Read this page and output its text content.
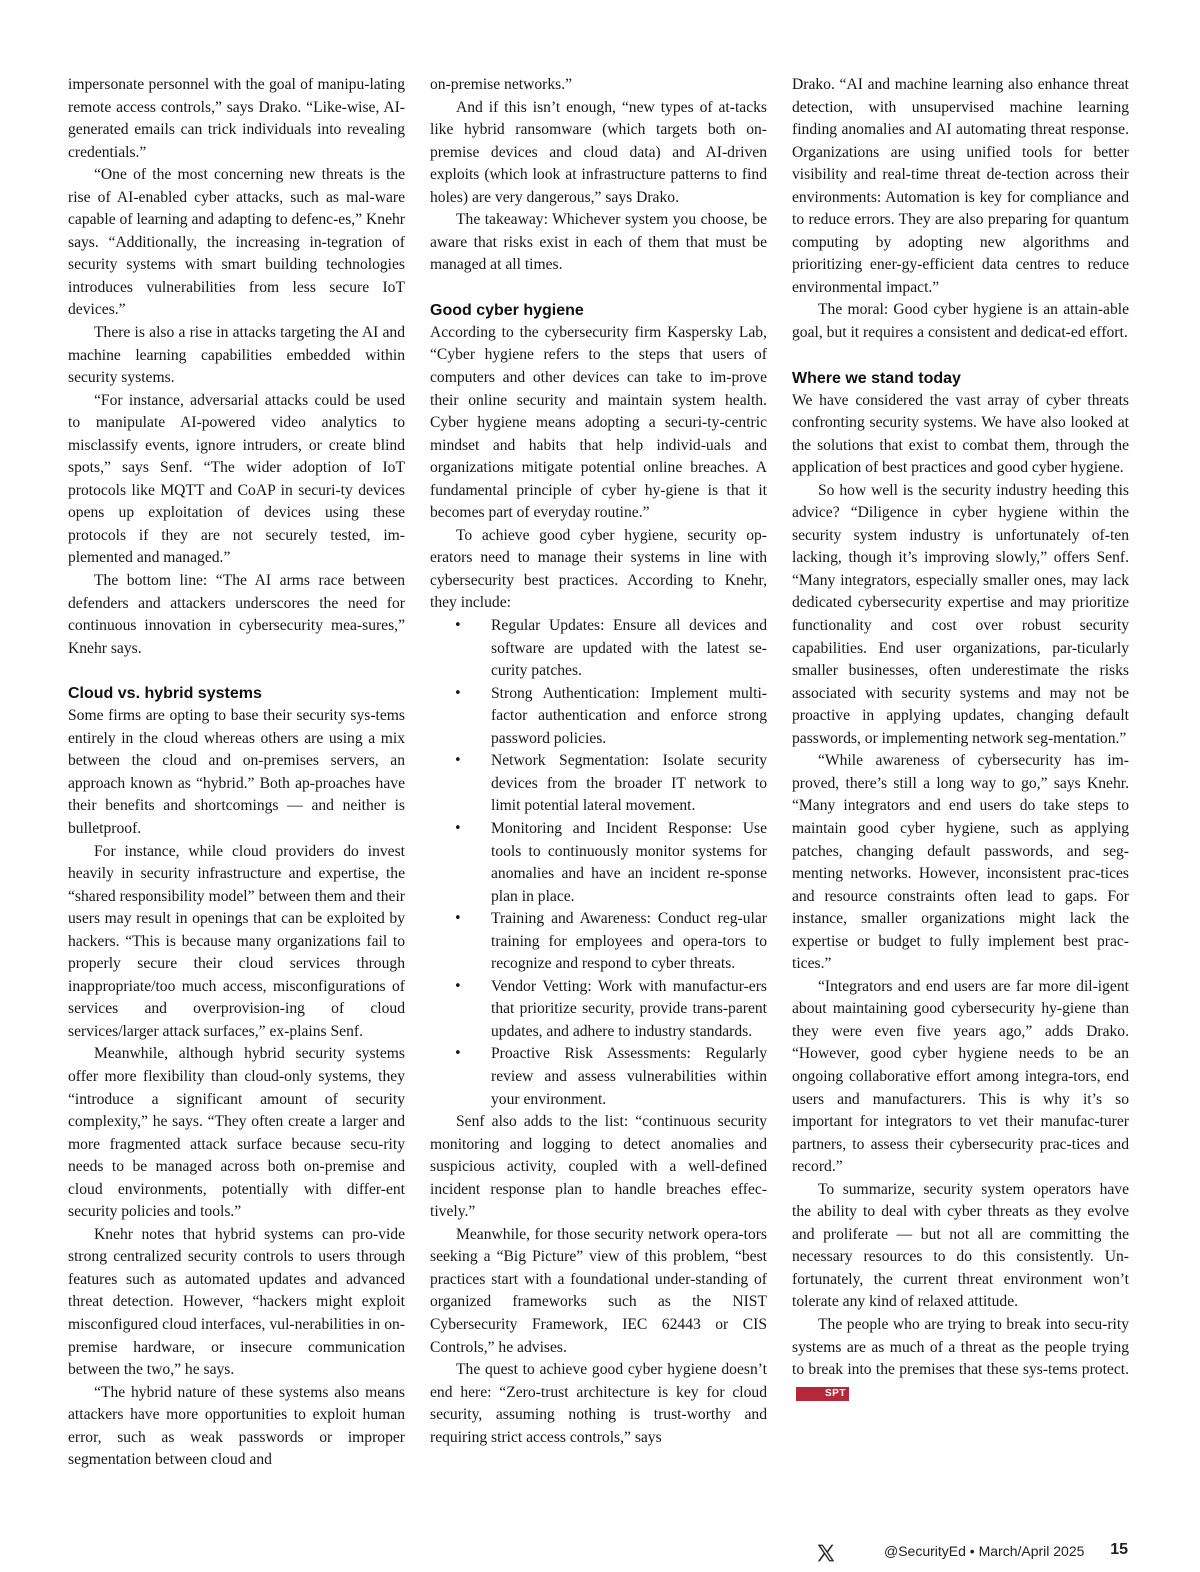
impersonate personnel with the goal of manipu-lating remote access controls,” says Drako. “Like-wise, AI-generated emails can trick individuals into revealing credentials.”

“One of the most concerning new threats is the rise of AI-enabled cyber attacks, such as mal-ware capable of learning and adapting to defenc-es,” Knehr says. “Additionally, the increasing in-tegration of security systems with smart building technologies introduces vulnerabilities from less secure IoT devices.”

There is also a rise in attacks targeting the AI and machine learning capabilities embedded within security systems.

“For instance, adversarial attacks could be used to manipulate AI-powered video analytics to misclassify events, ignore intruders, or create blind spots,” says Senf. “The wider adoption of IoT protocols like MQTT and CoAP in securi-ty devices opens up exploitation of devices using these protocols if they are not securely tested, im-plemented and managed.”

The bottom line: “The AI arms race between defenders and attackers underscores the need for continuous innovation in cybersecurity mea-sures,” Knehr says.

Cloud vs. hybrid systems

Some firms are opting to base their security sys-tems entirely in the cloud whereas others are using a mix between the cloud and on-premises servers, an approach known as “hybrid.” Both ap-proaches have their benefits and shortcomings — and neither is bulletproof.

For instance, while cloud providers do invest heavily in security infrastructure and expertise, the “shared responsibility model” between them and their users may result in openings that can be exploited by hackers. “This is because many organizations fail to properly secure their cloud services through inappropriate/too much access, misconfigurations of services and overprovision-ing of cloud services/larger attack surfaces,” ex-plains Senf.

Meanwhile, although hybrid security systems offer more flexibility than cloud-only systems, they “introduce a significant amount of security complexity,” he says. “They often create a larger and more fragmented attack surface because secu-rity needs to be managed across both on-premise and cloud environments, potentially with differ-ent security policies and tools.”

Knehr notes that hybrid systems can pro-vide strong centralized security controls to users through features such as automated updates and advanced threat detection. However, “hackers might exploit misconfigured cloud interfaces, vul-nerabilities in on-premise hardware, or insecure communication between the two,” he says.

“The hybrid nature of these systems also means attackers have more opportunities to exploit human error, such as weak passwords or improper segmentation between cloud and

on-premise networks.”

And if this isn’t enough, “new types of at-tacks like hybrid ransomware (which targets both on-premise devices and cloud data) and AI-driven exploits (which look at infrastructure patterns to find holes) are very dangerous,” says Drako.

The takeaway: Whichever system you choose, be aware that risks exist in each of them that must be managed at all times.

Good cyber hygiene

According to the cybersecurity firm Kaspersky Lab, “Cyber hygiene refers to the steps that users of computers and other devices can take to im-prove their online security and maintain system health. Cyber hygiene means adopting a securi-ty-centric mindset and habits that help individ-uals and organizations mitigate potential online breaches. A fundamental principle of cyber hy-giene is that it becomes part of everyday routine.”

To achieve good cyber hygiene, security op-erators need to manage their systems in line with cybersecurity best practices. According to Knehr, they include:

• Regular Updates: Ensure all devices and software are updated with the latest se-curity patches.
• Strong Authentication: Implement multi-factor authentication and enforce strong password policies.
• Network Segmentation: Isolate security devices from the broader IT network to limit potential lateral movement.
• Monitoring and Incident Response: Use tools to continuously monitor systems for anomalies and have an incident re-sponse plan in place.
• Training and Awareness: Conduct reg-ular training for employees and opera-tors to recognize and respond to cyber threats.
• Vendor Vetting: Work with manufactur-ers that prioritize security, provide trans-parent updates, and adhere to industry standards.
• Proactive Risk Assessments: Regularly review and assess vulnerabilities within your environment.

Senf also adds to the list: “continuous security monitoring and logging to detect anomalies and suspicious activity, coupled with a well-defined incident response plan to handle breaches effec-tively.”

Meanwhile, for those security network opera-tors seeking a “Big Picture” view of this problem, “best practices start with a foundational under-standing of organized frameworks such as the NIST Cybersecurity Framework, IEC 62443 or CIS Controls,” he advises.

The quest to achieve good cyber hygiene doesn’t end here: “Zero-trust architecture is key for cloud security, assuming nothing is trust-worthy and requiring strict access controls,” says

Drako. “AI and machine learning also enhance threat detection, with unsupervised machine learning finding anomalies and AI automating threat response. Organizations are using unified tools for better visibility and real-time threat de-tection across their environments: Automation is key for compliance and to reduce errors. They are also preparing for quantum computing by adopting new algorithms and prioritizing ener-gy-efficient data centres to reduce environmental impact.”

The moral: Good cyber hygiene is an attain-able goal, but it requires a consistent and dedicat-ed effort.

Where we stand today

We have considered the vast array of cyber threats confronting security systems. We have also looked at the solutions that exist to combat them, through the application of best practices and good cyber hygiene.

So how well is the security industry heeding this advice? “Diligence in cyber hygiene within the security system industry is unfortunately of-ten lacking, though it’s improving slowly,” offers Senf. “Many integrators, especially smaller ones, may lack dedicated cybersecurity expertise and may prioritize functionality and cost over robust security capabilities. End user organizations, par-ticularly smaller businesses, often underestimate the risks associated with security systems and may not be proactive in applying updates, changing default passwords, or implementing network seg-mentation.”

“While awareness of cybersecurity has im-proved, there’s still a long way to go,” says Knehr. “Many integrators and end users do take steps to maintain good cyber hygiene, such as applying patches, changing default passwords, and seg-menting networks. However, inconsistent prac-tices and resource constraints often lead to gaps. For instance, smaller organizations might lack the expertise or budget to fully implement best prac-tices.”

“Integrators and end users are far more dil-igent about maintaining good cybersecurity hy-giene than they were even five years ago,” adds Drako. “However, good cyber hygiene needs to be an ongoing collaborative effort among integra-tors, end users and manufacturers. This is why it’s so important for integrators to vet their manufac-turer partners, to assess their cybersecurity prac-tices and record.”

To summarize, security system operators have the ability to deal with cyber threats as they evolve and proliferate — but not all are committing the necessary resources to do this consistently. Un-fortunately, the current threat environment won’t tolerate any kind of relaxed attitude.

The people who are trying to break into secu-rity systems are as much of a threat as the people trying to break into the premises that these sys-tems protect.SPT

@SecurityEd • March/April 2025 15
